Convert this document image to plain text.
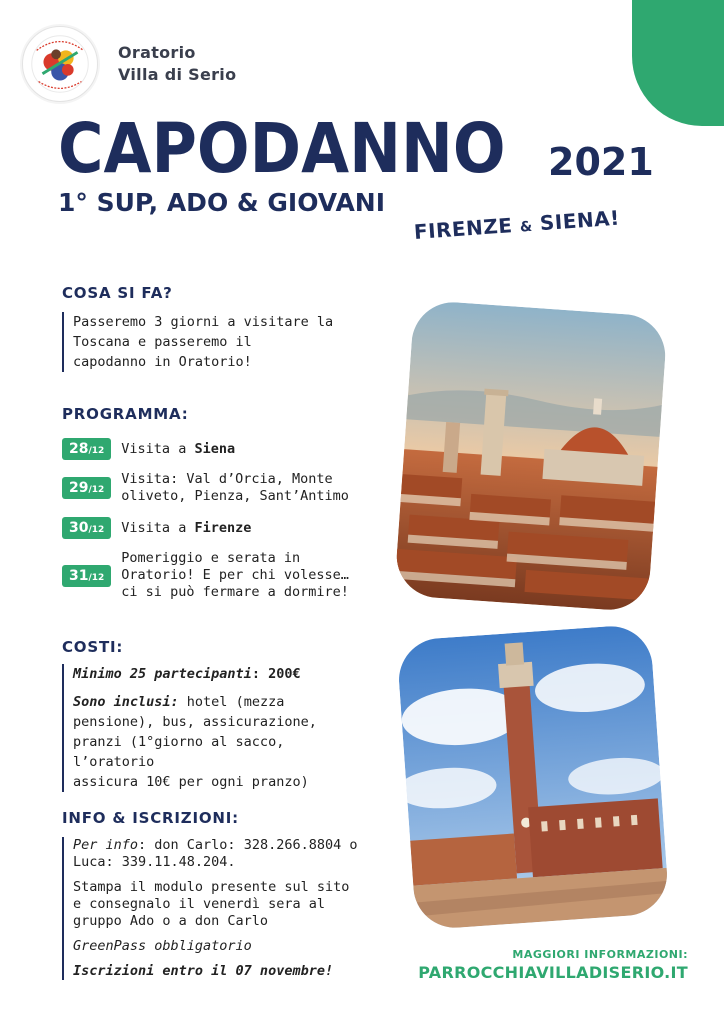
Oratorio
Villa di Serio
CAPODANNO 2021
1° SUP, ADO & GIOVANI
FIRENZE & SIENA!
COSA SI FA?
Passeremo 3 giorni a visitare la
Toscana e passeremo il
capodanno in Oratorio!
PROGRAMMA:
28/12	Visita a Siena
29/12
Visita: Val d’Orcia, Monte
oliveto, Pienza, Sant’Antimo
30/12	Visita a Firenze
31/12
Pomeriggio e serata in
Oratorio! E per chi volesse…
ci si può fermare a dormire!
COSTI:
Minimo 25 partecipanti: 200€
Sono inclusi: hotel (mezza
pensione), bus, assicurazione,
pranzi (1°giorno al sacco, l’oratorio
assicura 10€ per ogni pranzo)
INFO & ISCRIZIONI:
Per info: don Carlo: 328.266.8804 o
Luca: 339.11.48.204.
Stampa il modulo presente sul sito
e consegnalo il venerdì sera al
gruppo Ado o a don Carlo
GreenPass obbligatorio
Iscrizioni entro il 07 novembre!
MAGGIORI INFORMAZIONI:
PARROCCHIAVILLADISERIO.IT
